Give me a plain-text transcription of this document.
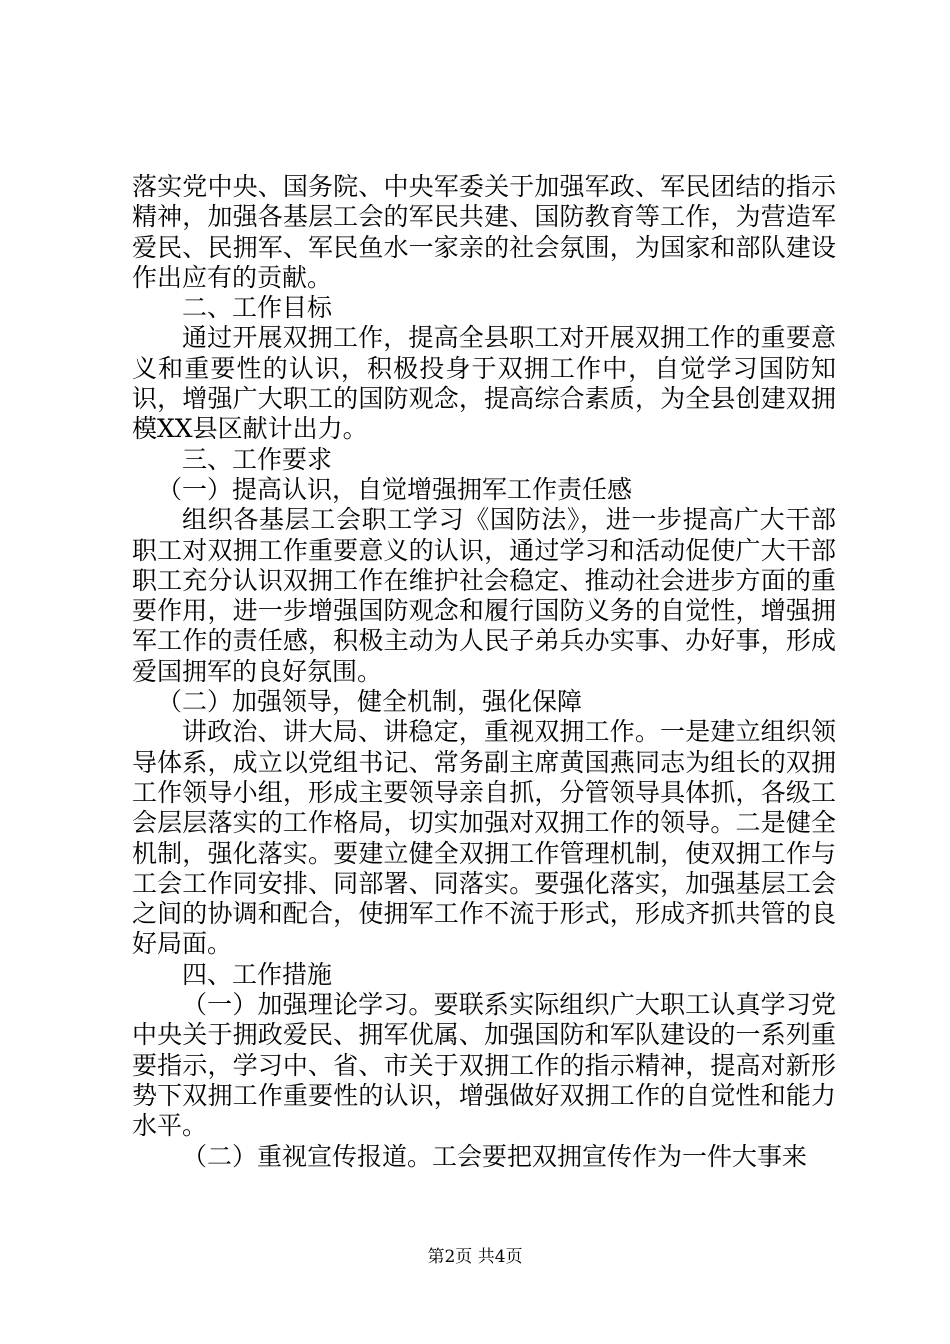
落实党中央、国务院、中央军委关于加强军政、军民团结的指示精神，加强各基层工会的军民共建、国防教育等工作，为营造军爱民、民拥军、军民鱼水一家亲的社会氛围，为国家和部队建设作出应有的贡献。

二、工作目标

通过开展双拥工作，提高全县职工对开展双拥工作的重要意义和重要性的认识，积极投身于双拥工作中，自觉学习国防知识，增强广大职工的国防观念，提高综合素质，为全县创建双拥模XX县区献计出力。

三、工作要求

（一）提高认识，自觉增强拥军工作责任感

组织各基层工会职工学习《国防法》，进一步提高广大干部职工对双拥工作重要意义的认识，通过学习和活动促使广大干部职工充分认识双拥工作在维护社会稳定、推动社会进步方面的重要作用，进一步增强国防观念和履行国防义务的自觉性，增强拥军工作的责任感，积极主动为人民子弟兵办实事、办好事，形成爱国拥军的良好氛围。

（二）加强领导，健全机制，强化保障

讲政治、讲大局、讲稳定，重视双拥工作。一是建立组织领导体系，成立以党组书记、常务副主席黄国燕同志为组长的双拥工作领导小组，形成主要领导亲自抓，分管领导具体抓，各级工会层层落实的工作格局，切实加强对双拥工作的领导。二是健全机制，强化落实。要建立健全双拥工作管理机制，使双拥工作与工会工作同安排、同部署、同落实。要强化落实，加强基层工会之间的协调和配合，使拥军工作不流于形式，形成齐抓共管的良好局面。

四、工作措施

（一）加强理论学习。要联系实际组织广大职工认真学习党中央关于拥政爱民、拥军优属、加强国防和军队建设的一系列重要指示，学习中、省、市关于双拥工作的指示精神，提高对新形势下双拥工作重要性的认识，增强做好双拥工作的自觉性和能力水平。

（二）重视宣传报道。工会要把双拥宣传作为一件大事来

第2页 共4页
